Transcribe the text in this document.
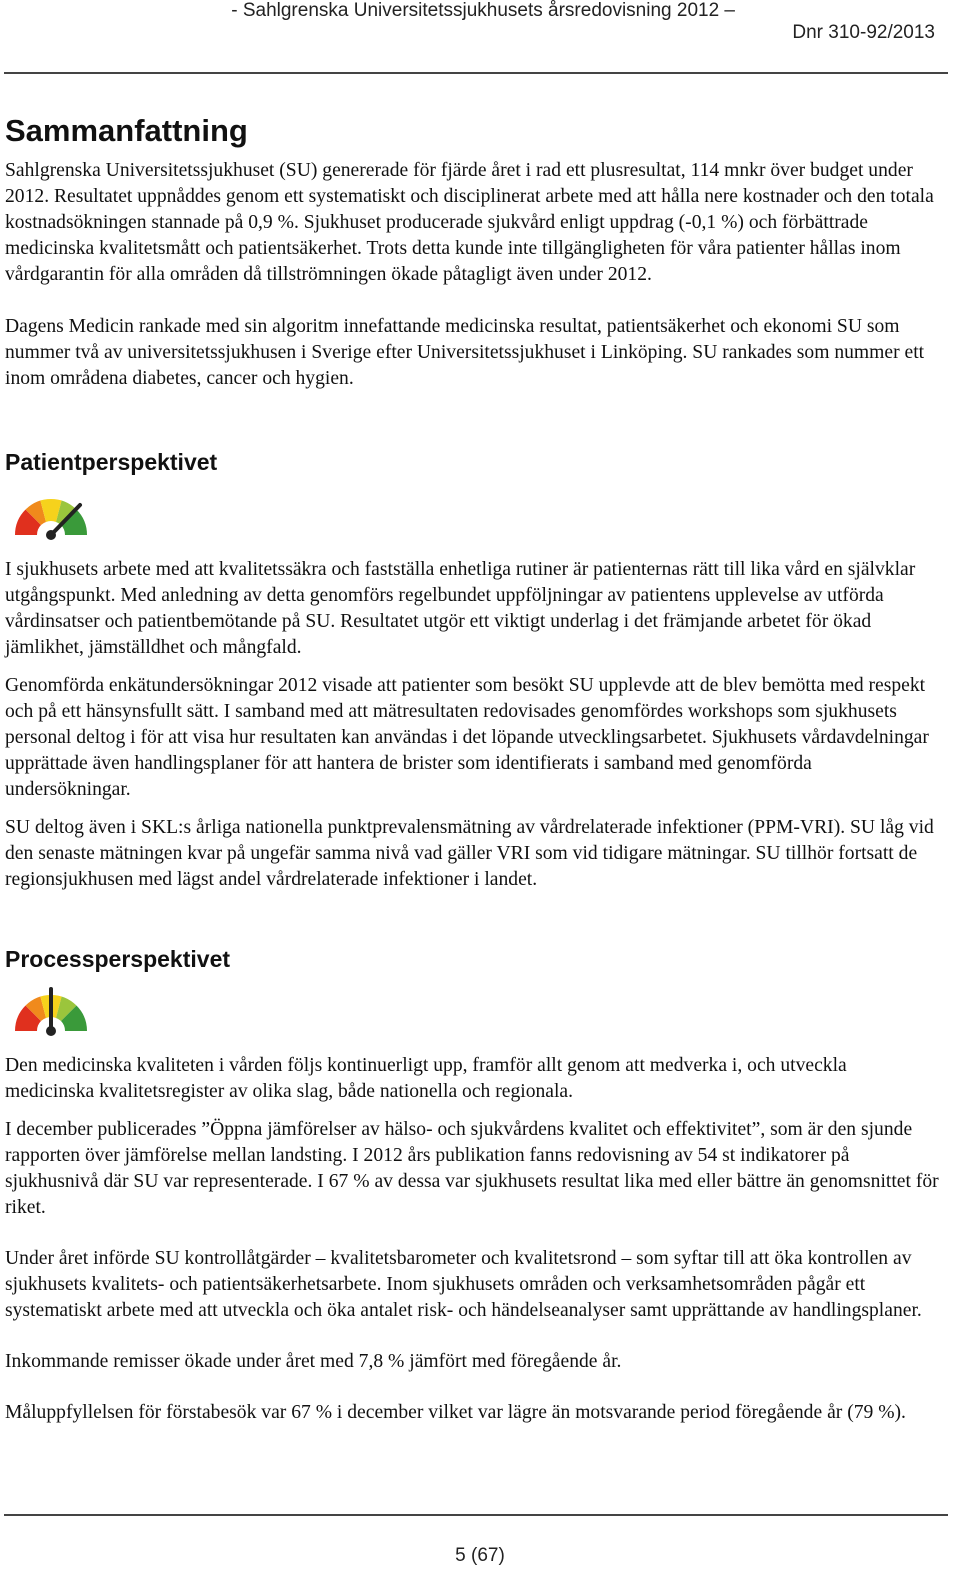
- Sahlgrenska Universitetssjukhusets årsredovisning 2012 –
Dnr 310-92/2013
Sammanfattning

Sahlgrenska Universitetssjukhuset (SU) genererade för fjärde året i rad ett plusresultat, 114 mnkr över budget under 2012. Resultatet uppnåddes genom ett systematiskt och disciplinerat arbete med att hålla nere kostnader och den totala kostnadsökningen stannade på 0,9 %. Sjukhuset producerade sjukvård enligt uppdrag (-0,1 %) och förbättrade medicinska kvalitetsmått och patientsäkerhet. Trots detta kunde inte tillgängligheten för våra patienter hållas inom vårdgarantin för alla områden då tillströmningen ökade påtagligt även under 2012.

Dagens Medicin rankade med sin algoritm innefattande medicinska resultat, patientsäkerhet och ekonomi SU som nummer två av universitetssjukhusen i Sverige efter Universitetssjukhuset i Linköping. SU rankades som nummer ett inom områdena diabetes, cancer och hygien.

Patientperspektivet

I sjukhusets arbete med att kvalitetssäkra och fastställa enhetliga rutiner är patienternas rätt till lika vård en självklar utgångspunkt. Med anledning av detta genomförs regelbundet uppföljningar av patientens upplevelse av utförda vårdinsatser och patientbemötande på SU. Resultatet utgör ett viktigt underlag i det främjande arbetet för ökad jämlikhet, jämställdhet och mångfald.

Genomförda enkätundersökningar 2012 visade att patienter som besökt SU upplevde att de blev bemötta med respekt och på ett hänsynsfullt sätt. I samband med att mätresultaten redovisades genomfördes workshops som sjukhusets personal deltog i för att visa hur resultaten kan användas i det löpande utvecklingsarbetet. Sjukhusets vårdavdelningar upprättade även handlingsplaner för att hantera de brister som identifierats i samband med genomförda undersökningar.

SU deltog även i SKL:s årliga nationella punktprevalensmätning av vårdrelaterade infektioner (PPM-VRI). SU låg vid den senaste mätningen kvar på ungefär samma nivå vad gäller VRI som vid tidigare mätningar. SU tillhör fortsatt de regionsjukhusen med lägst andel vårdrelaterade infektioner i landet.

Processperspektivet

Den medicinska kvaliteten i vården följs kontinuerligt upp, framför allt genom att medverka i, och utveckla medicinska kvalitetsregister av olika slag, både nationella och regionala.

I december publicerades ”Öppna jämförelser av hälso- och sjukvårdens kvalitet och effektivitet”, som är den sjunde rapporten över jämförelse mellan landsting. I 2012 års publikation fanns redovisning av 54 st indikatorer på sjukhusnivå där SU var representerade. I 67 % av dessa var sjukhusets resultat lika med eller bättre än genomsnittet för riket.

Under året införde SU kontrollåtgärder – kvalitetsbarometer och kvalitetsrond – som syftar till att öka kontrollen av sjukhusets kvalitets- och patientsäkerhetsarbete. Inom sjukhusets områden och verksamhetsområden pågår ett systematiskt arbete med att utveckla och öka antalet risk- och händelseanalyser samt upprättande av handlingsplaner.

Inkommande remisser ökade under året med 7,8 % jämfört med föregående år.

Måluppfyllelsen för förstabesök var 67 % i december vilket var lägre än motsvarande period föregående år (79 %).

5 (67)
